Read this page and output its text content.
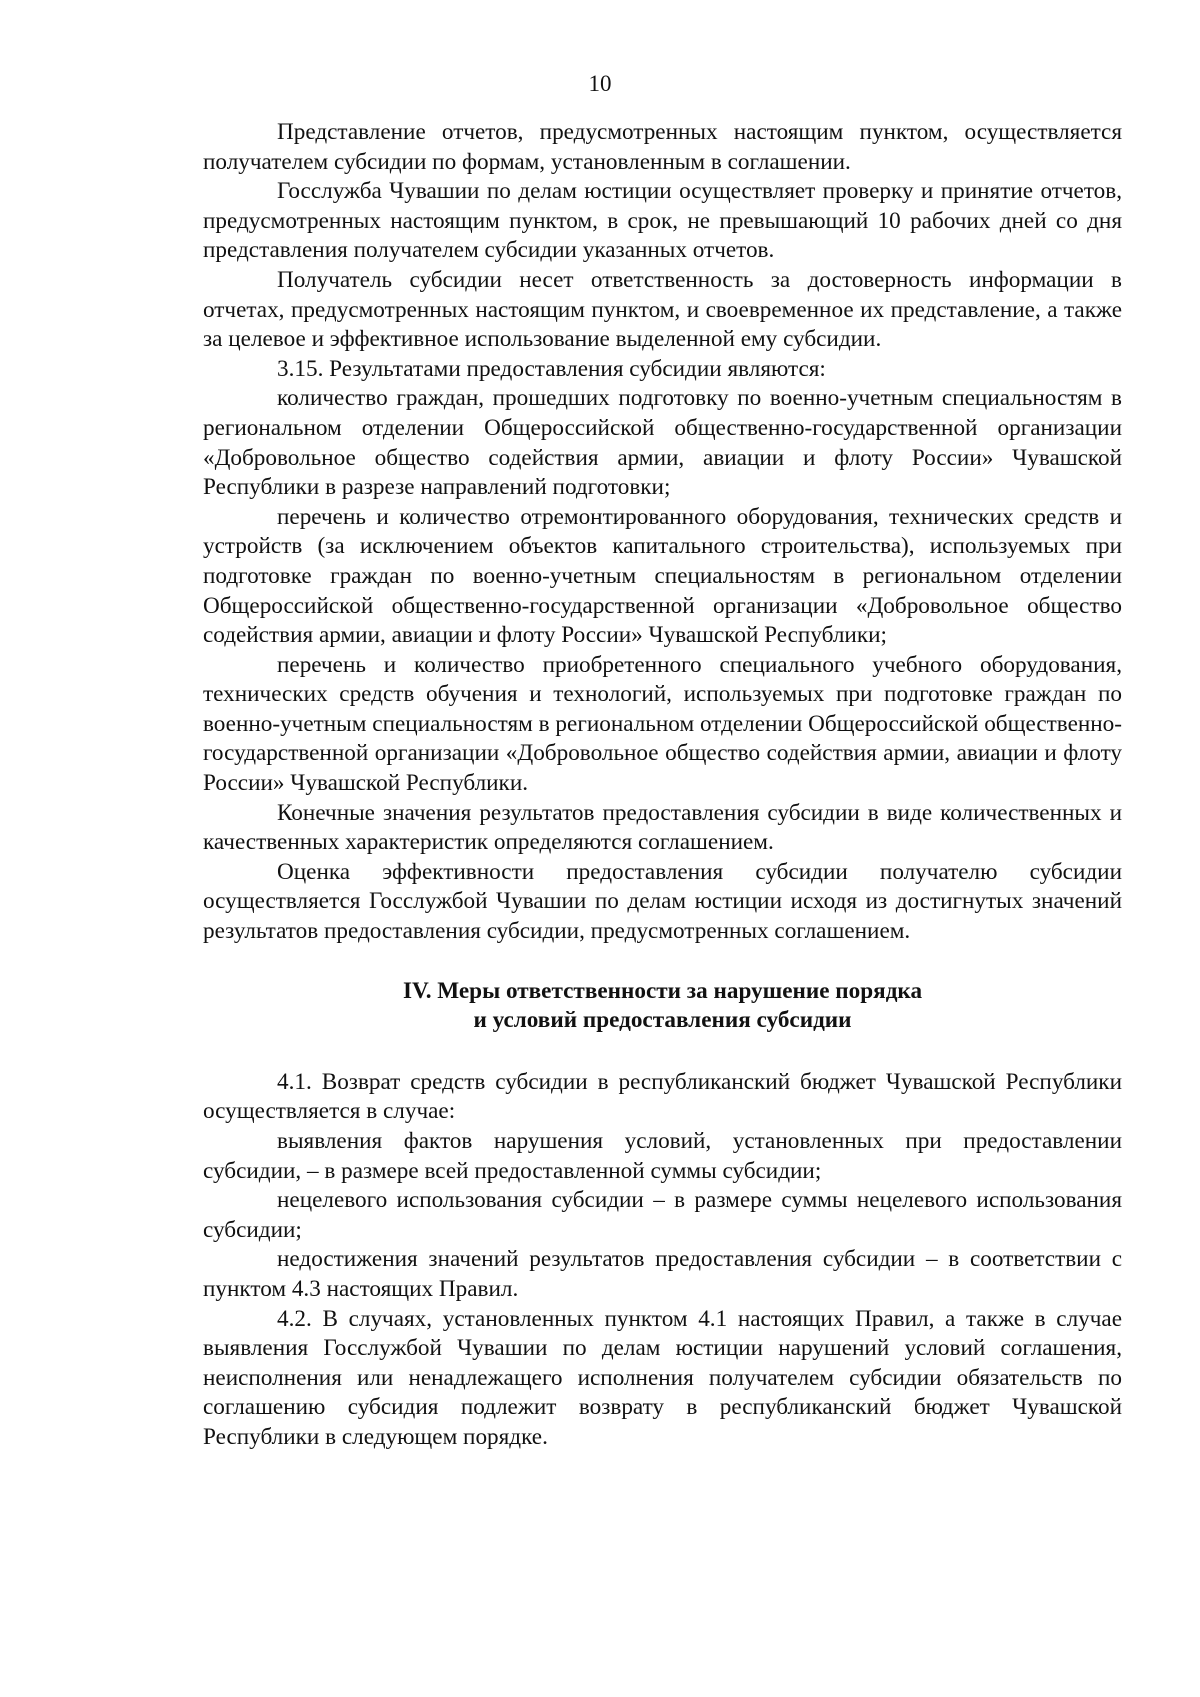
10

Представление отчетов, предусмотренных настоящим пунктом, осуществляется получателем субсидии по формам, установленным в соглашении.

Госслужба Чувашии по делам юстиции осуществляет проверку и принятие отчетов, предусмотренных настоящим пунктом, в срок, не превышающий 10 рабочих дней со дня представления получателем субсидии указанных отчетов.

Получатель субсидии несет ответственность за достоверность информации в отчетах, предусмотренных настоящим пунктом, и своевременное их представление, а также за целевое и эффективное использование выделенной ему субсидии.

3.15. Результатами предоставления субсидии являются:

количество граждан, прошедших подготовку по военно-учетным специальностям в региональном отделении Общероссийской общественно-государственной организации «Добровольное общество содействия армии, авиации и флоту России» Чувашской Республики в разрезе направлений подготовки;

перечень и количество отремонтированного оборудования, технических средств и устройств (за исключением объектов капитального строительства), используемых при подготовке граждан по военно-учетным специальностям в региональном отделении Общероссийской общественно-государственной организации «Добровольное общество содействия армии, авиации и флоту России» Чувашской Республики;

перечень и количество приобретенного специального учебного оборудования, технических средств обучения и технологий, используемых при подготовке граждан по военно-учетным специальностям в региональном отделении Общероссийской общественно-государственной организации «Добровольное общество содействия армии, авиации и флоту России» Чувашской Республики.

Конечные значения результатов предоставления субсидии в виде количественных и качественных характеристик определяются соглашением.

Оценка эффективности предоставления субсидии получателю субсидии осуществляется Госслужбой Чувашии по делам юстиции исходя из достигнутых значений результатов предоставления субсидии, предусмотренных соглашением.

IV. Меры ответственности за нарушение порядка
и условий предоставления субсидии

4.1. Возврат средств субсидии в республиканский бюджет Чувашской Республики осуществляется в случае:

выявления фактов нарушения условий, установленных при предоставлении субсидии, – в размере всей предоставленной суммы субсидии;

нецелевого использования субсидии – в размере суммы нецелевого использования субсидии;

недостижения значений результатов предоставления субсидии – в соответствии с пунктом 4.3 настоящих Правил.

4.2. В случаях, установленных пунктом 4.1 настоящих Правил, а также в случае выявления Госслужбой Чувашии по делам юстиции нарушений условий соглашения, неисполнения или ненадлежащего исполнения получателем субсидии обязательств по соглашению субсидия подлежит возврату в республиканский бюджет Чувашской Республики в следующем порядке.
